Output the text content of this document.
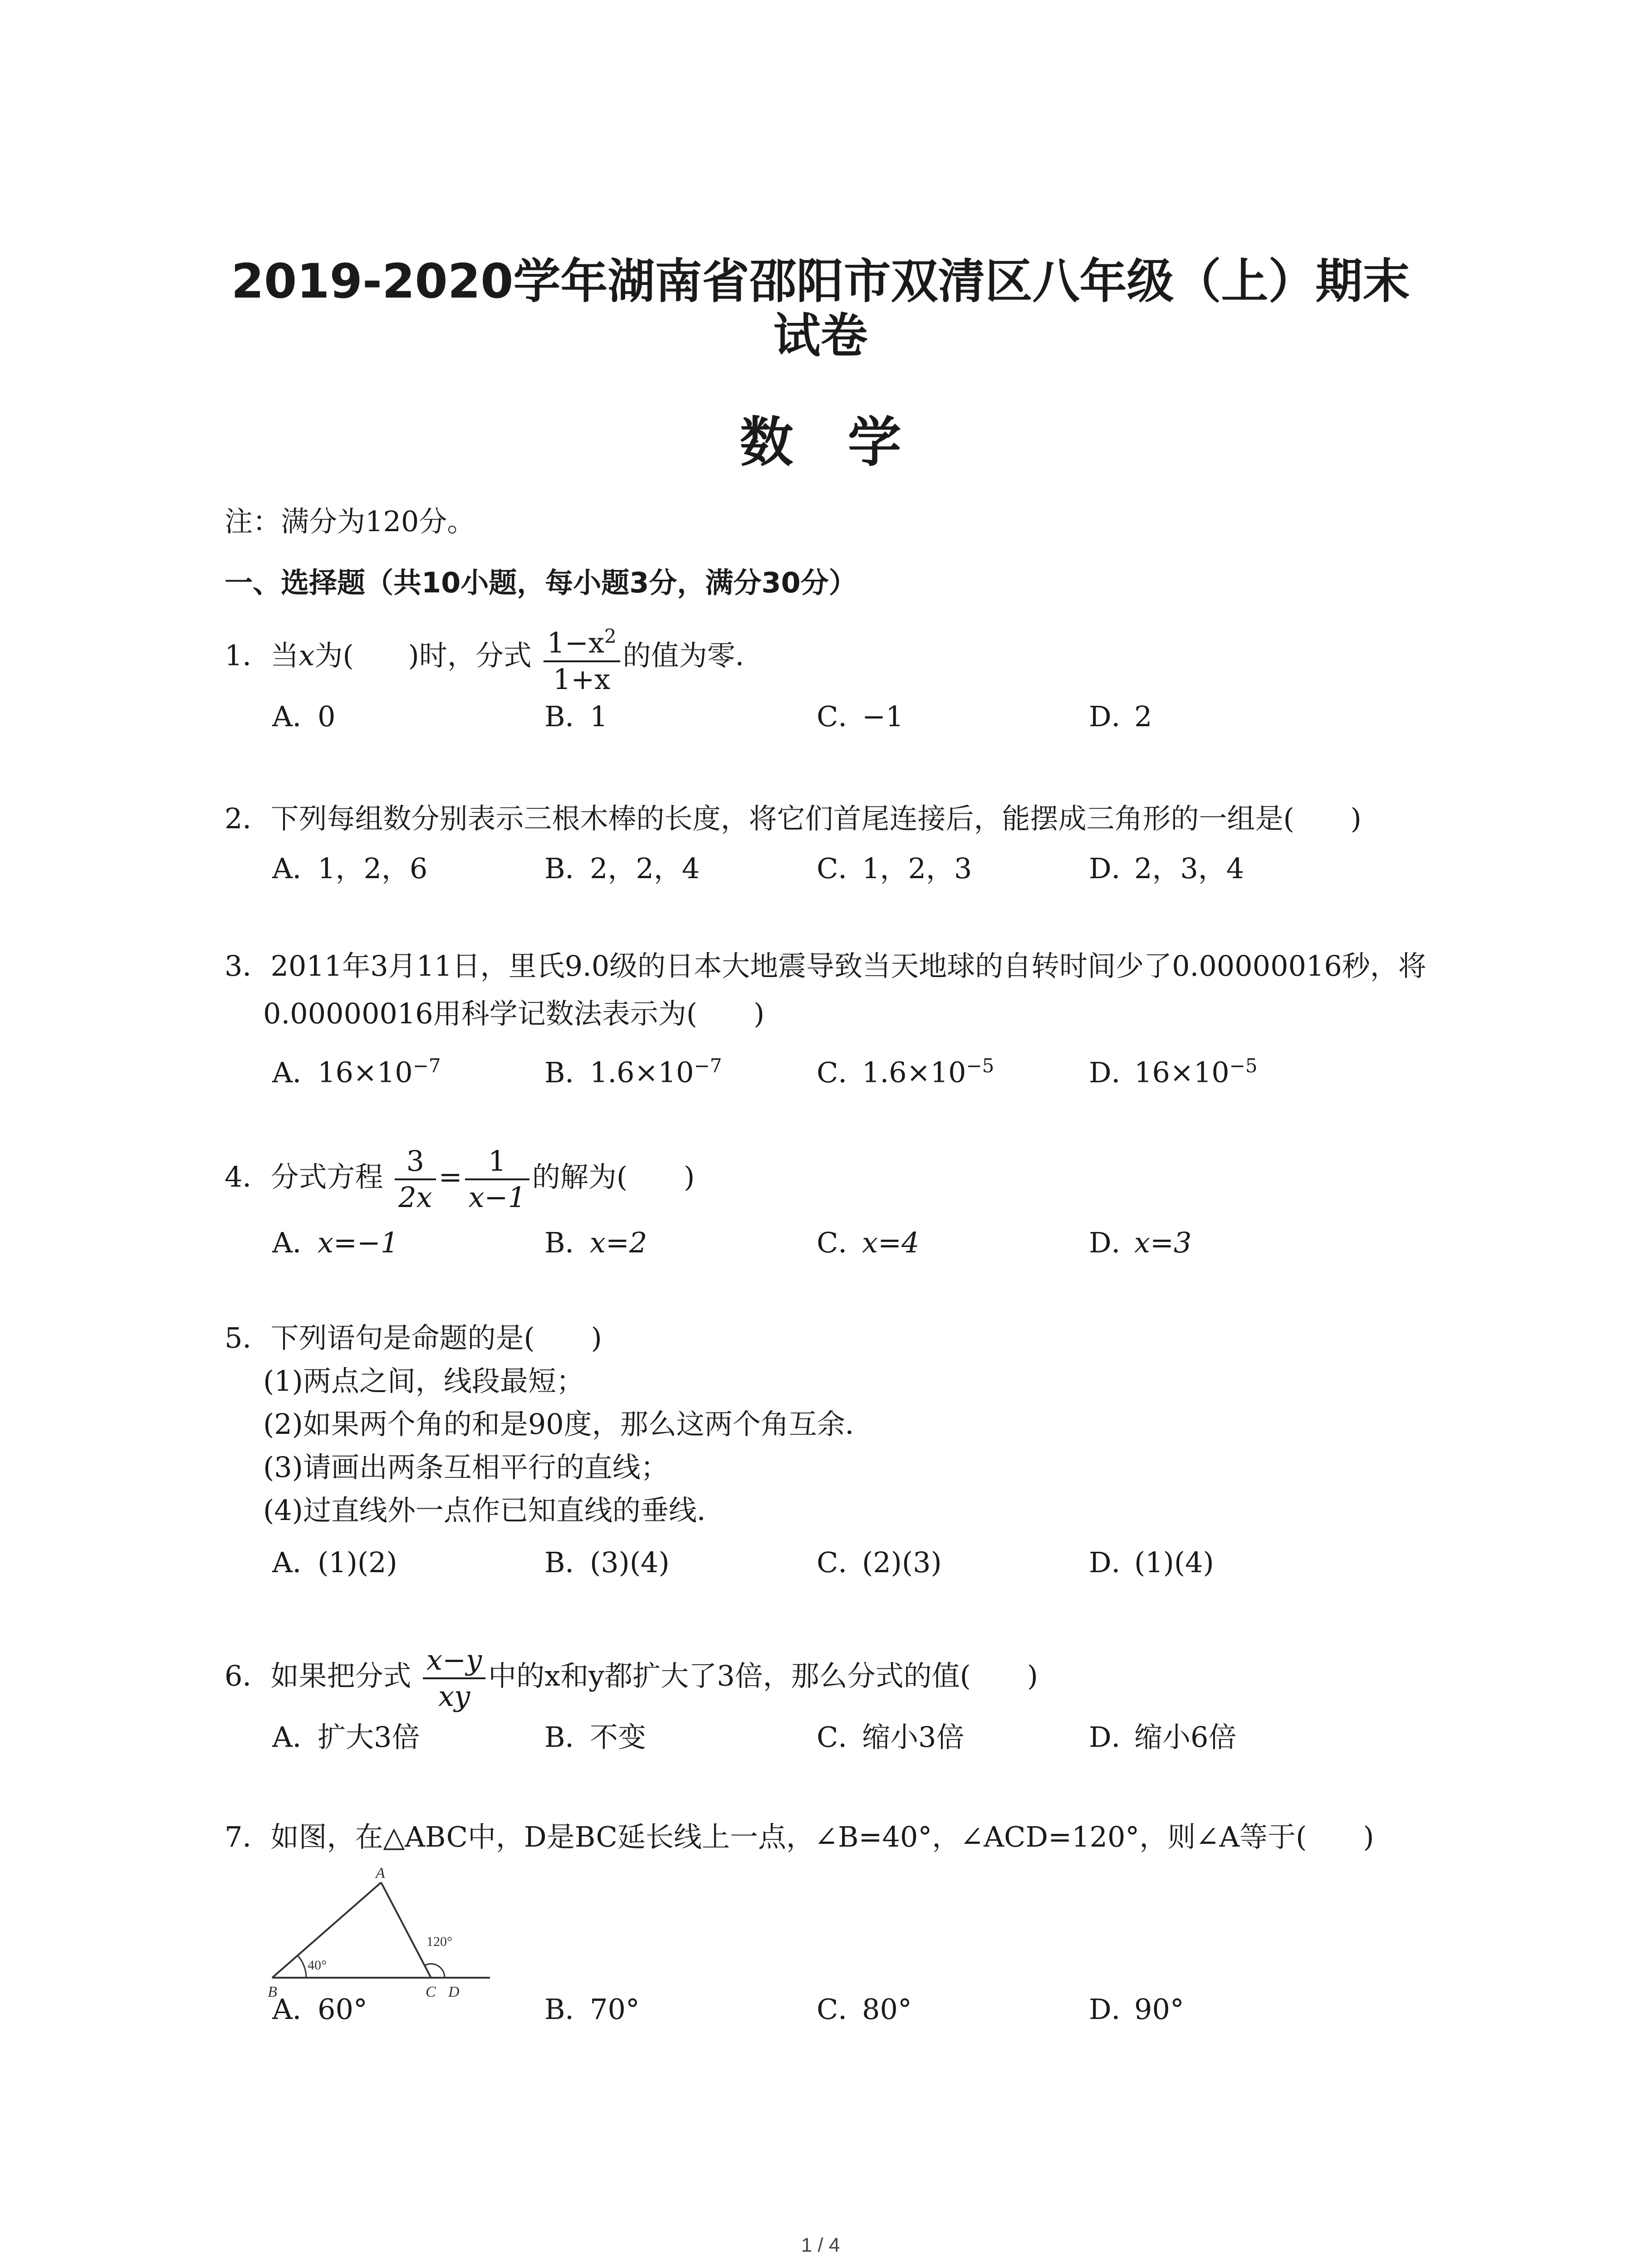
2019-2020学年湖南省邵阳市双清区八年级（上）期末
试卷
数学
注：满分为120分。
一、选择题（共10小题，每小题3分，满分30分）
1．当x为( )时，分式 $\frac{1-x^2}{1+x}$ 的值为零．
A．0	B．1	C．−1	D．2
2．下列每组数分别表示三根木棒的长度，将它们首尾连接后，能摆成三角形的一组是(　　)
A．1，2，6	B．2，2，4	C．1，2，3	D．2，3，4
3．2011年3月11日，里氏9.0级的日本大地震导致当天地球的自转时间少了0.00000016秒，将
0.00000016用科学记数法表示为(　　)
A．$16\times 10^{-7}$	B．$1.6\times 10^{-7}$	C．$1.6\times 10^{-5}$	D．$16\times 10^{-5}$
4．分式方程 $\frac{3}{2x} = \frac{1}{x-1}$ 的解为(　　)
A．x=−1	B．x=2	C．x=4	D．x=3
5．下列语句是命题的是(　　)
(1)两点之间，线段最短；
(2)如果两个角的和是90度，那么这两个角互余．
(3)请画出两条互相平行的直线；
(4)过直线外一点作已知直线的垂线．
A．(1)(2)	B．(3)(4)	C．(2)(3)	D．(1)(4)
6．如果把分式 $\frac{x-y}{xy}$ 中的x和y都扩大了3倍，那么分式的值(　　)
A．扩大3倍	B．不变	C．缩小3倍	D．缩小6倍
7．如图，在△ABC中，D是BC延长线上一点，∠B=40°，∠ACD=120°，则∠A等于(　　)
A
B	C D
40°
120°
A．60°	B．70°	C．80°	D．90°
1 / 4
